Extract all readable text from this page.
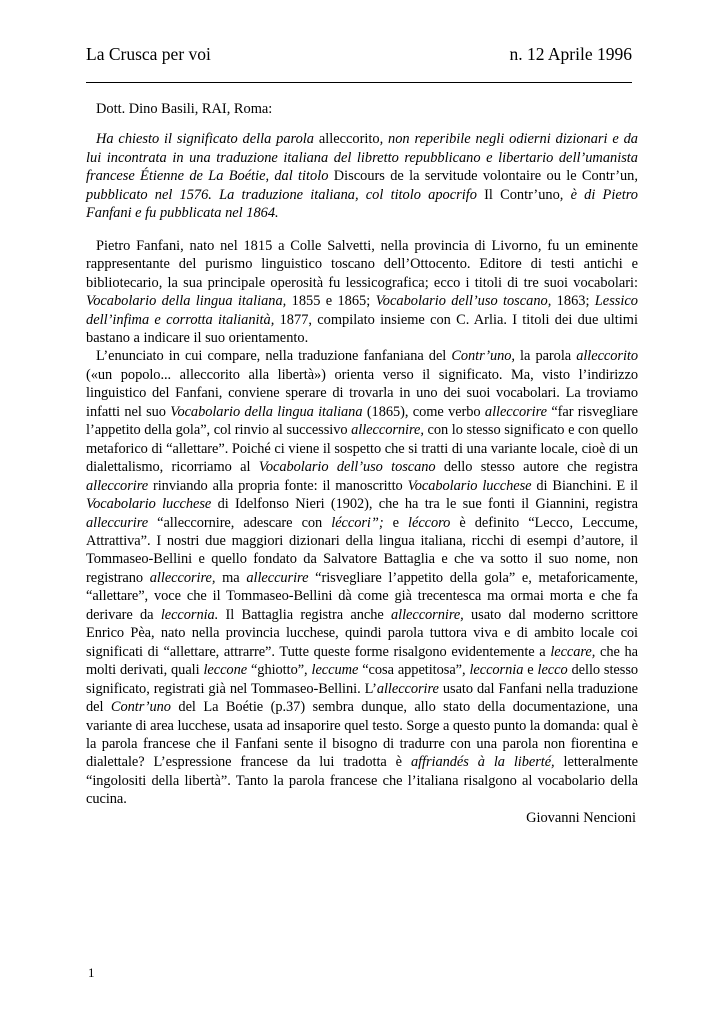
La Crusca per voi	n. 12 Aprile 1996

Dott. Dino Basili, RAI, Roma:

Ha chiesto il significato della parola alleccorito, non reperibile negli odierni dizionari e da lui incontrata in una traduzione italiana del libretto repubblicano e libertario dell’umanista francese Étienne de La Boétie, dal titolo Discours de la servitude volontaire ou le Contr’un, pubblicato nel 1576. La traduzione italiana, col titolo apocrifo Il Contr’uno, è di Pietro Fanfani e fu pubblicata nel 1864.

Pietro Fanfani, nato nel 1815 a Colle Salvetti, nella provincia di Livorno, fu un eminente rappresentante del purismo linguistico toscano dell’Ottocento. Editore di testi antichi e bibliotecario, la sua principale operosità fu lessicografica; ecco i titoli di tre suoi vocabolari: Vocabolario della lingua italiana, 1855 e 1865; Vocabolario dell’uso toscano, 1863; Lessico dell’infima e corrotta italianità, 1877, compilato insieme con C. Arlia. I titoli dei due ultimi bastano a indicare il suo orientamento.

L’enunciato in cui compare, nella traduzione fanfaniana del Contr’uno, la parola alleccorito («un popolo... alleccorito alla libertà») orienta verso il significato. Ma, visto l’indirizzo linguistico del Fanfani, conviene sperare di trovarla in uno dei suoi vocabolari. La troviamo infatti nel suo Vocabolario della lingua italiana (1865), come verbo alleccorire “far risvegliare l’appetito della gola”, col rinvio al successivo alleccornire, con lo stesso significato e con quello metaforico di “allettare”. Poiché ci viene il sospetto che si tratti di una variante locale, cioè di un dialettalismo, ricorriamo al Vocabolario dell’uso toscano dello stesso autore che registra alleccorire rinviando alla propria fonte: il manoscritto Vocabolario lucchese di Bianchini. E il Vocabolario lucchese di Idelfonso Nieri (1902), che ha tra le sue fonti il Giannini, registra alleccurire “alleccornire, adescare con léccori”; e léccoro è definito “Lecco, Leccume, Attrattiva”. I nostri due maggiori dizionari della lingua italiana, ricchi di esempi d’autore, il Tommaseo-Bellini e quello fondato da Salvatore Battaglia e che va sotto il suo nome, non registrano alleccorire, ma alleccurire “risvegliare l’appetito della gola” e, metaforicamente, “allettare”, voce che il Tommaseo-Bellini dà come già trecentesca ma ormai morta e che fa derivare da leccornia. Il Battaglia registra anche alleccornire, usato dal moderno scrittore Enrico Pèa, nato nella provincia lucchese, quindi parola tuttora viva e di ambito locale coi significati di “allettare, attrarre”. Tutte queste forme risalgono evidentemente a leccare, che ha molti derivati, quali leccone “ghiotto”, leccume “cosa appetitosa”, leccornia e lecco dello stesso significato, registrati già nel Tommaseo-Bellini. L’alleccorire usato dal Fanfani nella traduzione del Contr’uno del La Boétie (p.37) sembra dunque, allo stato della documentazione, una variante di area lucchese, usata ad insaporire quel testo. Sorge a questo punto la domanda: qual è la parola francese che il Fanfani sente il bisogno di tradurre con una parola non fiorentina e dialettale? L’espressione francese da lui tradotta è affriandés à la liberté, letteralmente “ingolositi della libertà”. Tanto la parola francese che l’italiana risalgono al vocabolario della cucina.

Giovanni Nencioni

1
